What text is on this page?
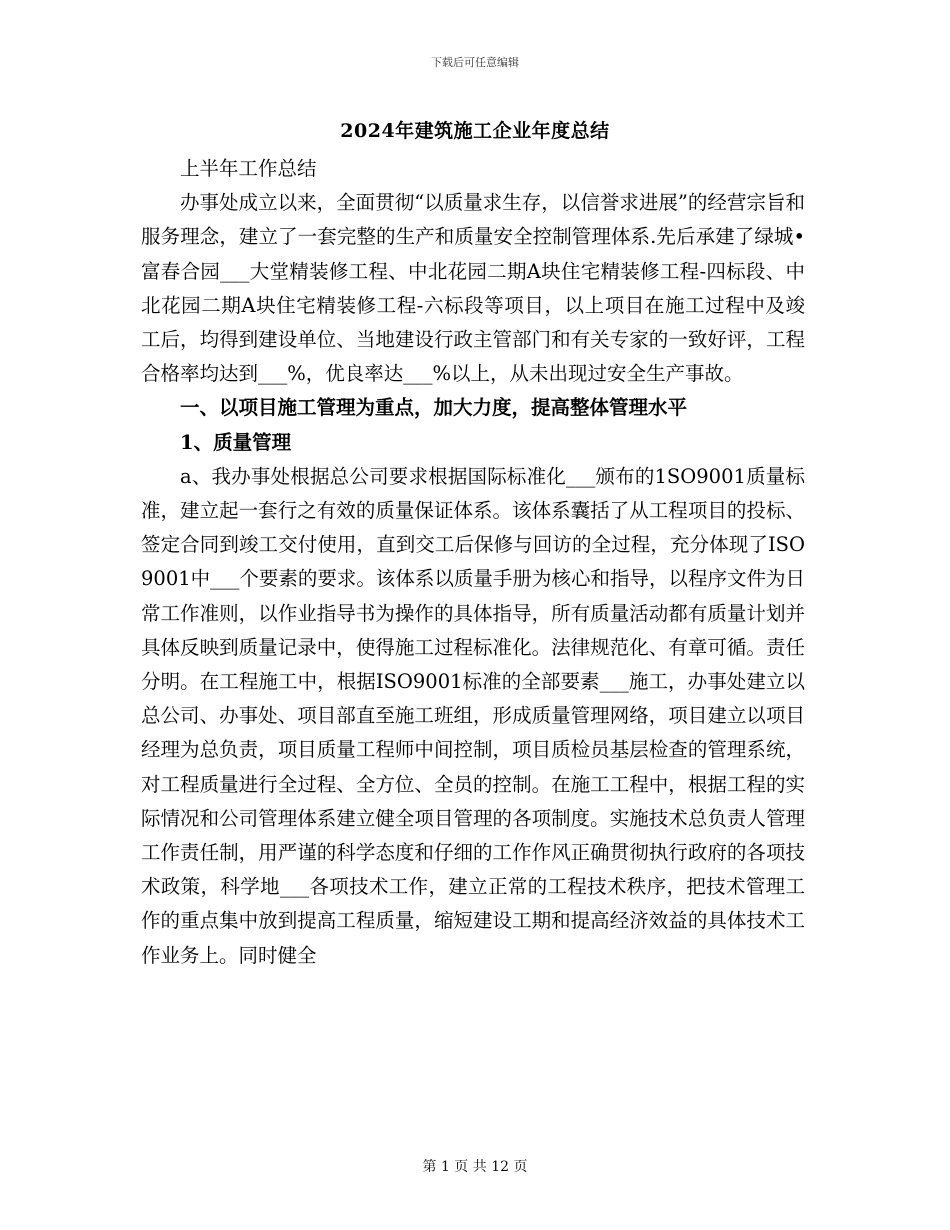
下载后可任意编辑
2024年建筑施工企业年度总结

上半年工作总结

办事处成立以来，全面贯彻“以质量求生存，以信誉求进展”的经营宗旨和服务理念，建立了一套完整的生产和质量安全控制管理体系.先后承建了绿城•富春合园___大堂精装修工程、中北花园二期A块住宅精装修工程-四标段、中北花园二期A块住宅精装修工程-六标段等项目，以上项目在施工过程中及竣工后，均得到建设单位、当地建设行政主管部门和有关专家的一致好评，工程合格率均达到___%，优良率达___%以上，从未出现过安全生产事故。

一、以项目施工管理为重点，加大力度，提高整体管理水平

1、质量管理

a、我办事处根据总公司要求根据国际标准化___颁布的1SO9001质量标准，建立起一套行之有效的质量保证体系。该体系囊括了从工程项目的投标、签定合同到竣工交付使用，直到交工后保修与回访的全过程，充分体现了ISO9001中___个要素的要求。该体系以质量手册为核心和指导，以程序文件为日常工作准则，以作业指导书为操作的具体指导，所有质量活动都有质量计划并具体反映到质量记录中，使得施工过程标准化。法律规范化、有章可循。责任分明。在工程施工中，根据ISO9001标准的全部要素___施工，办事处建立以总公司、办事处、项目部直至施工班组，形成质量管理网络，项目建立以项目经理为总负责，项目质量工程师中间控制，项目质检员基层检查的管理系统，对工程质量进行全过程、全方位、全员的控制。在施工工程中，根据工程的实际情况和公司管理体系建立健全项目管理的各项制度。实施技术总负责人管理工作责任制，用严谨的科学态度和仔细的工作作风正确贯彻执行政府的各项技术政策，科学地___各项技术工作，建立正常的工程技术秩序，把技术管理工作的重点集中放到提高工程质量，缩短建设工期和提高经济效益的具体技术工作业务上。同时健全

第 1 页 共 12 页
